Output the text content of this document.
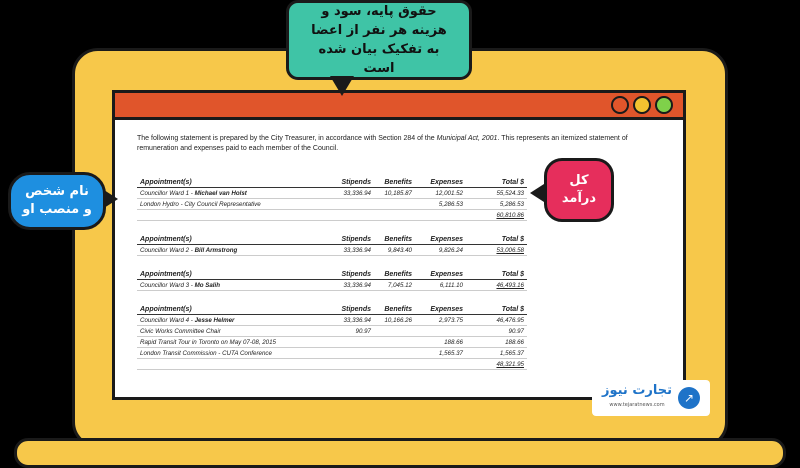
The following statement is prepared by the City Treasurer, in accordance with Section 284 of the Municipal Act, 2001. This represents an itemized statement of remuneration and expenses paid to each member of the Council.
Appointment(s)	Stipends	Benefits	Expenses	Total $
Councillor Ward 1 - Michael van Holst	33,336.94	10,185.87	12,001.52	55,524.33
London Hydro - City Council Representative			5,286.53	5,286.53
				60,810.86
Appointment(s)	Stipends	Benefits	Expenses	Total $
Councillor Ward 2 - Bill Armstrong	33,336.94	9,843.40	9,826.24	53,006.58
Appointment(s)	Stipends	Benefits	Expenses	Total $
Councillor Ward 3 - Mo Salih	33,336.94	7,045.12	6,111.10	46,493.16
Appointment(s)	Stipends	Benefits	Expenses	Total $
Councillor Ward 4 - Jesse Helmer	33,336.94	10,166.26	2,973.75	46,476.95
Civic Works Committee Chair	90.97			90.97
Rapid Transit Tour in Toronto on May 07-08, 2015			188.66	188.66
London Transit Commission - CUTA Conference			1,565.37	1,565.37
				48,321.95
حقوق پایه، سود و هزینه هر نفر از اعضا به تفکیک بیان شده است
نام شخص و منصب او
کل درآمد
تجارت نیوز
www.tejaratnews.com	↗
